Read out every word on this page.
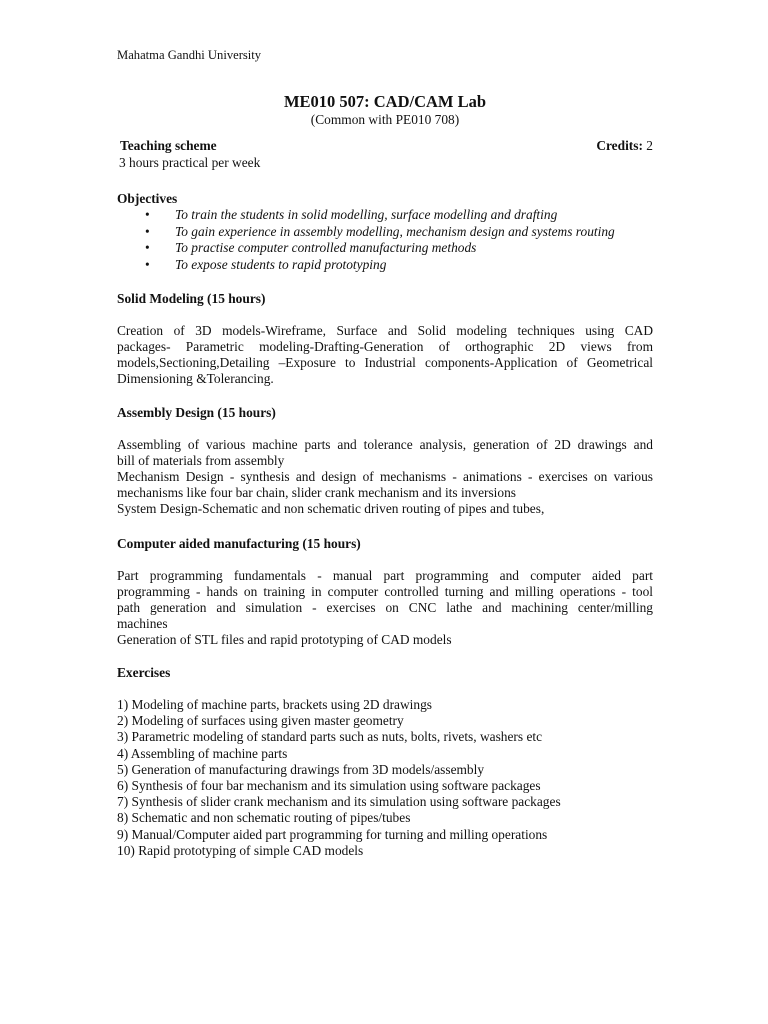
Mahatma Gandhi University
ME010 507: CAD/CAM Lab
(Common with PE010 708)
Teaching scheme	Credits: 2
3 hours practical per week
Objectives
• To train the students in solid modelling, surface modelling and drafting
• To gain experience in assembly modelling, mechanism design and systems routing
• To practise computer controlled manufacturing methods
• To expose students to rapid prototyping
Solid Modeling (15 hours)
Creation of 3D models-Wireframe, Surface and Solid modeling techniques using CAD
packages- Parametric modeling-Drafting-Generation of orthographic 2D views from
models,Sectioning,Detailing –Exposure to Industrial components-Application of Geometrical
Dimensioning &Tolerancing.
Assembly Design (15 hours)
Assembling of various machine parts and tolerance analysis, generation of 2D drawings and
bill of materials from assembly
Mechanism Design - synthesis and design of mechanisms - animations - exercises on various
mechanisms like four bar chain, slider crank mechanism and its inversions
System Design-Schematic and non schematic driven routing of pipes and tubes,
Computer aided manufacturing (15 hours)
Part programming fundamentals - manual part programming and computer aided part
programming - hands on training in computer controlled turning and milling operations - tool
path generation and simulation - exercises on CNC lathe and machining center/milling
machines
Generation of STL files and rapid prototyping of CAD models
Exercises
1) Modeling of machine parts, brackets using 2D drawings
2) Modeling of surfaces using given master geometry
3) Parametric modeling of standard parts such as nuts, bolts, rivets, washers etc
4) Assembling of machine parts
5) Generation of manufacturing drawings from 3D models/assembly
6) Synthesis of four bar mechanism and its simulation using software packages
7) Synthesis of slider crank mechanism and its simulation using software packages
8) Schematic and non schematic routing of pipes/tubes
9) Manual/Computer aided part programming for turning and milling operations
10) Rapid prototyping of simple CAD models
